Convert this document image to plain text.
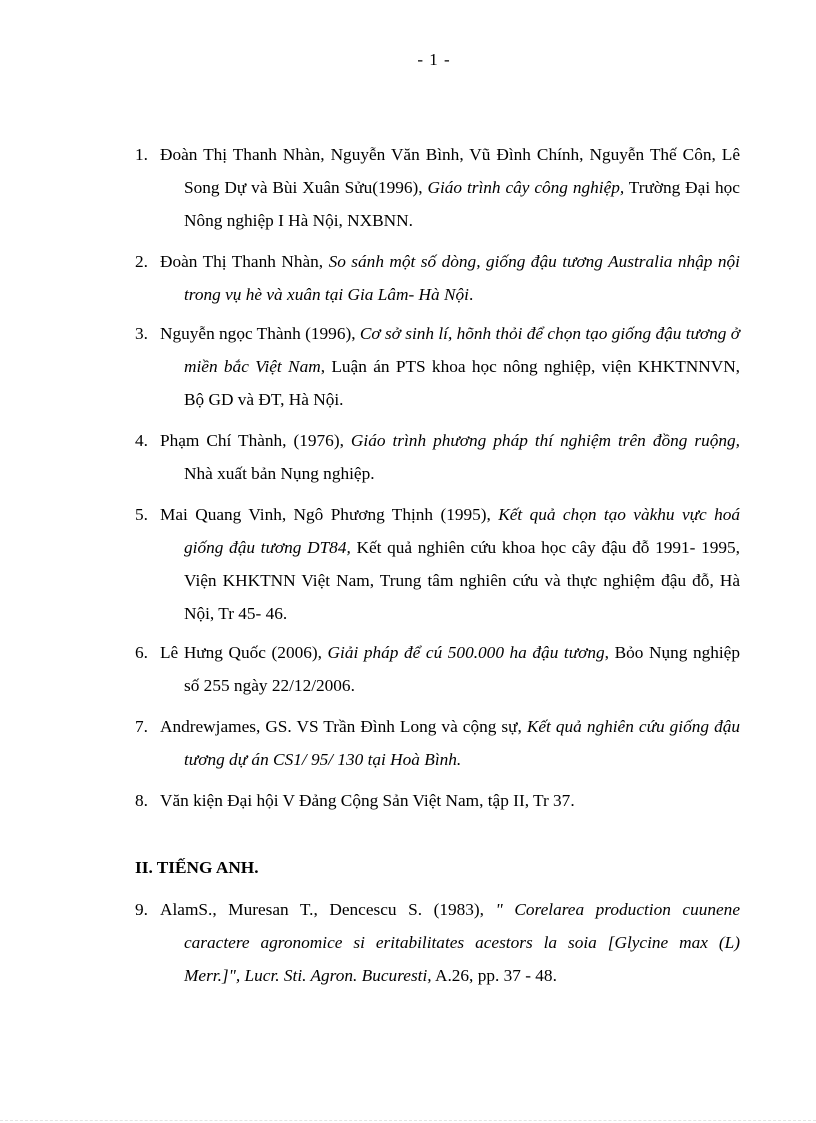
- 1 -
1. Đoàn Thị Thanh Nhàn, Nguyễn Văn Bình, Vũ Đình Chính, Nguyễn Thế Côn, Lê Song Dự và Bùi Xuân Sửu(1996), Giáo trình cây công nghiệp, Trường Đại học Nông nghiệp I Hà Nội, NXBNN.
2. Đoàn Thị Thanh Nhàn, So sánh một số dòng, giống đậu tương Australia nhập nội trong vụ hè và xuân tại Gia Lâm- Hà Nội.
3. Nguyễn ngọc Thành (1996), Cơ sở sinh lí, hõnh thỏi để chọn tạo giống đậu tương ở miền bắc Việt Nam, Luận án PTS khoa học nông nghiệp, viện KHKTNNVN, Bộ GD và ĐT, Hà Nội.
4. Phạm Chí Thành, (1976), Giáo trình phương pháp thí nghiệm trên đồng ruộng, Nhà xuất bản Nụng nghiệp.
5. Mai Quang Vinh, Ngô Phương Thịnh (1995), Kết quả chọn tạo vàkhu vực hoá giống đậu tương DT84, Kết quả nghiên cứu khoa học cây đậu đỗ 1991- 1995, Viện KHKTNN Việt Nam, Trung tâm nghiên cứu và thực nghiệm đậu đỗ, Hà Nội, Tr 45- 46.
6. Lê Hưng Quốc (2006), Giải pháp để cú 500.000 ha đậu tương, Bỏo Nụng nghiệp số 255 ngày 22/12/2006.
7. Andrewjames, GS. VS Trần Đình Long và cộng sự, Kết quả nghiên cứu giống đậu tương dự án CS1/ 95/ 130 tại Hoà Bình.
8. Văn kiện Đại hội V Đảng Cộng Sản Việt Nam, tập II, Tr 37.
II. TIẾNG ANH.
9. AlamS., Muresan T., Dencescu S. (1983), " Corelarea production cuunene caractere agronomice si eritabilitates acestors la soia [Glycine max (L) Merr.]", Lucr. Sti. Agron. Bucuresti, A.26, pp. 37 - 48.
